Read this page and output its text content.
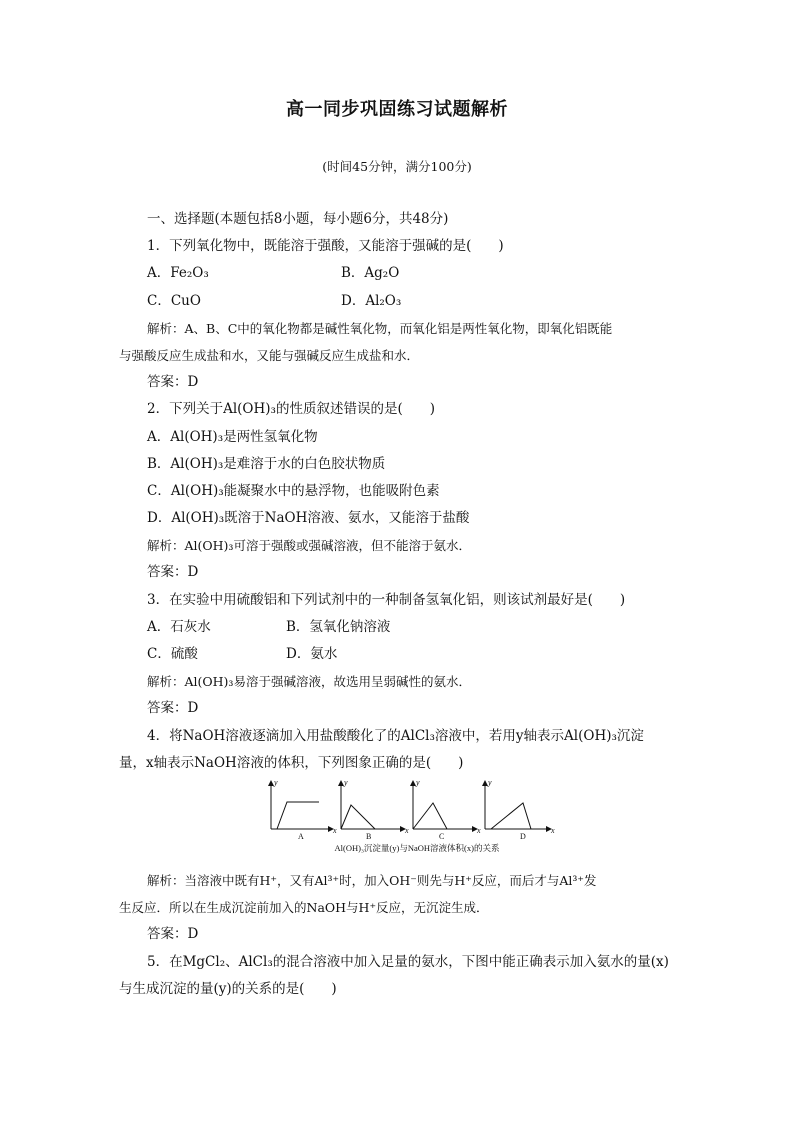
高一同步巩固练习试题解析
(时间45分钟，满分100分)
一、选择题(本题包括8小题，每小题6分，共48分)
1．下列氧化物中，既能溶于强酸，又能溶于强碱的是(　　)
A．Fe₂O₃	B．Ag₂O
C．CuO	D．Al₂O₃
解析：A、B、C中的氧化物都是碱性氧化物，而氧化铝是两性氧化物，即氧化铝既能
与强酸反应生成盐和水，又能与强碱反应生成盐和水．
答案：D
2．下列关于Al(OH)₃的性质叙述错误的是(　　)
A．Al(OH)₃是两性氢氧化物
B．Al(OH)₃是难溶于水的白色胶状物质
C．Al(OH)₃能凝聚水中的悬浮物，也能吸附色素
D．Al(OH)₃既溶于NaOH溶液、氨水，又能溶于盐酸
解析：Al(OH)₃可溶于强酸或强碱溶液，但不能溶于氨水．
答案：D
3．在实验中用硫酸铝和下列试剂中的一种制备氢氧化铝，则该试剂最好是(　　)
A．石灰水	B．氢氧化钠溶液
C．硫酸	D．氨水
解析：Al(OH)₃易溶于强碱溶液，故选用呈弱碱性的氨水．
答案：D
4．将NaOH溶液逐滴加入用盐酸酸化了的AlCl₃溶液中，若用y轴表示Al(OH)₃沉淀
量，x轴表示NaOH溶液的体积，下列图象正确的是(　　)
y
x
A
y
x
B
y
x
C
y
x
D
Al(OH)₃沉淀量(y)与NaOH溶液体积(x)的关系
解析：当溶液中既有H⁺，又有Al³⁺时，加入OH⁻则先与H⁺反应，而后才与Al³⁺发
生反应．所以在生成沉淀前加入的NaOH与H⁺反应，无沉淀生成．
答案：D
5．在MgCl₂、AlCl₃的混合溶液中加入足量的氨水，下图中能正确表示加入氨水的量(x)
与生成沉淀的量(y)的关系的是(　　)
